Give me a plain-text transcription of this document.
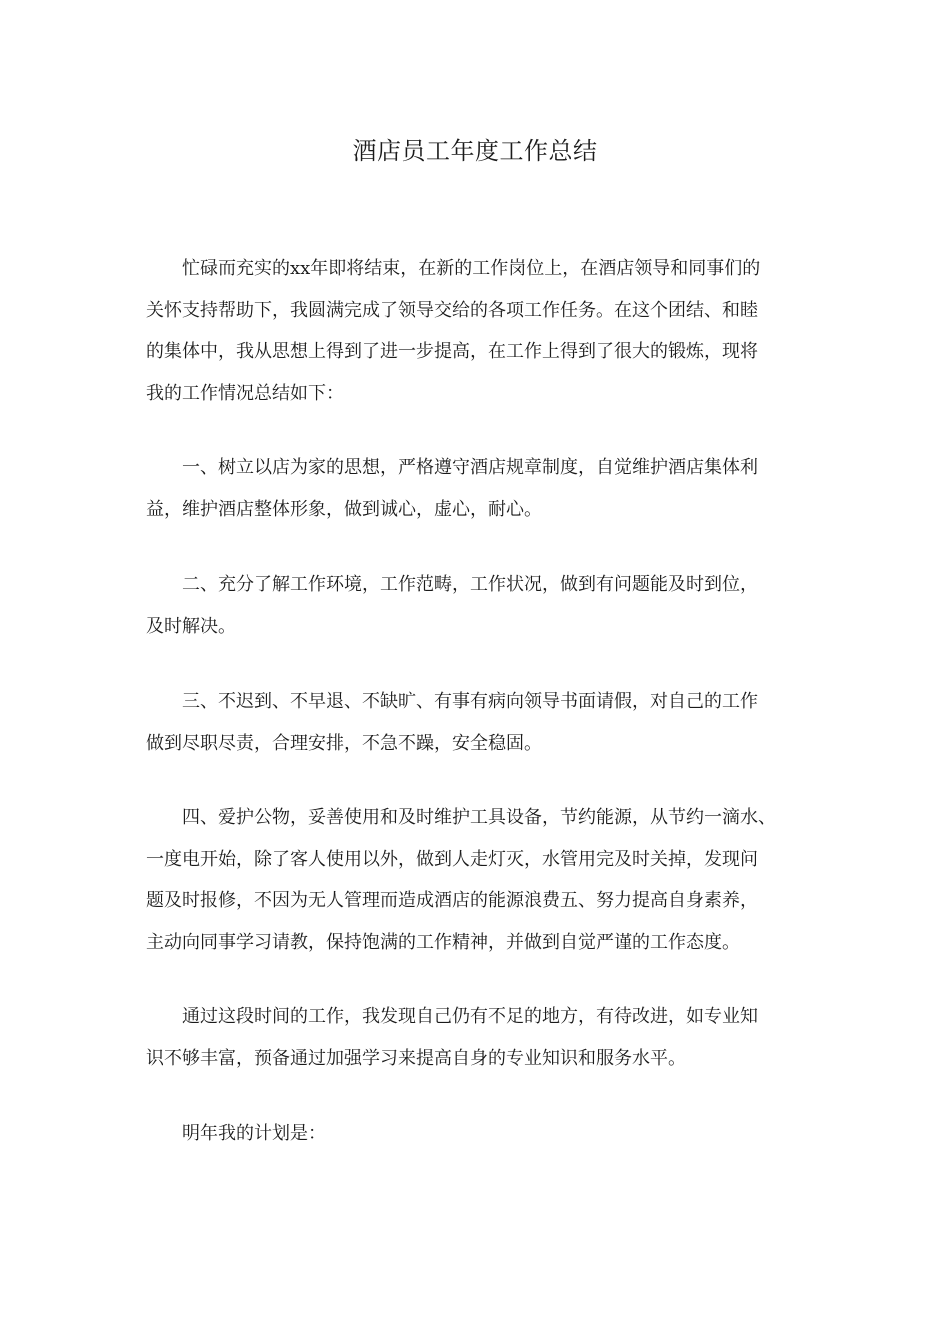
酒店员工年度工作总结

忙碌而充实的xx年即将结束，在新的工作岗位上，在酒店领导和同事们的
关怀支持帮助下，我圆满完成了领导交给的各项工作任务。在这个团结、和睦
的集体中，我从思想上得到了进一步提高，在工作上得到了很大的锻炼，现将
我的工作情况总结如下：

一、树立以店为家的思想，严格遵守酒店规章制度，自觉维护酒店集体利
益，维护酒店整体形象，做到诚心，虚心，耐心。

二、充分了解工作环境，工作范畴，工作状况，做到有问题能及时到位，
及时解决。

三、不迟到、不早退、不缺旷、有事有病向领导书面请假，对自己的工作
做到尽职尽责，合理安排，不急不躁，安全稳固。

四、爱护公物，妥善使用和及时维护工具设备，节约能源，从节约一滴水、
一度电开始，除了客人使用以外，做到人走灯灭，水管用完及时关掉，发现问
题及时报修，不因为无人管理而造成酒店的能源浪费五、努力提高自身素养，
主动向同事学习请教，保持饱满的工作精神，并做到自觉严谨的工作态度。

通过这段时间的工作，我发现自己仍有不足的地方，有待改进，如专业知
识不够丰富，预备通过加强学习来提高自身的专业知识和服务水平。

明年我的计划是：
